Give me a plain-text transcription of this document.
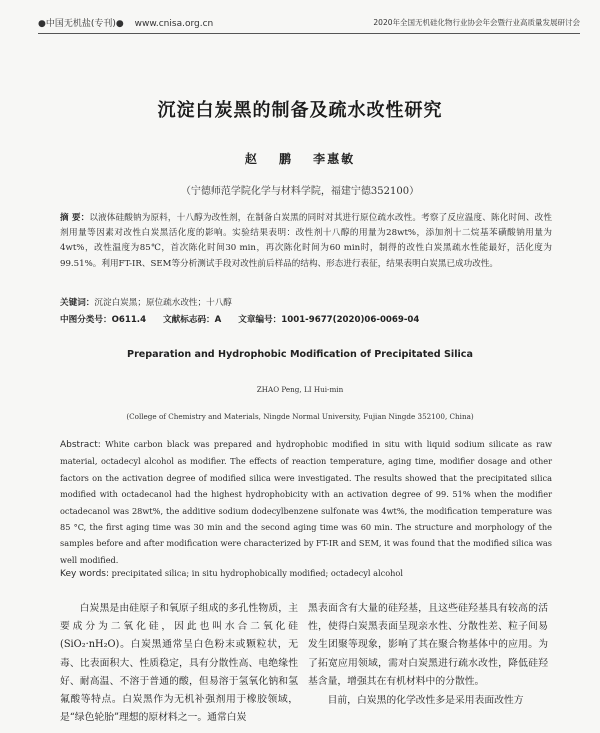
●中国无机盐(专刊)● www.cnisa.org.cn	2020年全国无机硅化物行业协会年会暨行业高质量发展研讨会
沉淀白炭黑的制备及疏水改性研究
赵 鹏 李惠敏
（宁德师范学院化学与材料学院，福建宁德352100）
摘 要：以液体硅酸钠为原料，十八醇为改性剂，在制备白炭黑的同时对其进行原位疏水改性。考察了反应温度、陈化时间、改性剂用量等因素对改性白炭黑活化度的影响。实验结果表明：改性剂十八醇的用量为28wt%，添加剂十二烷基苯磺酸钠用量为4wt%，改性温度为85℃，首次陈化时间30 min，再次陈化时间为60 min时，制得的改性白炭黑疏水性能最好，活化度为99.51%。利用FT-IR、SEM等分析测试手段对改性前后样品的结构、形态进行表征，结果表明白炭黑已成功改性。
关键词：沉淀白炭黑；原位疏水改性；十八醇
中图分类号：O611.4 文献标志码：A 文章编号：1001-9677(2020)06-0069-04
Preparation and Hydrophobic Modification of Precipitated Silica
ZHAO Peng, LI Hui-min
(College of Chemistry and Materials, Ningde Normal University, Fujian Ningde 352100, China)
Abstract: White carbon black was prepared and hydrophobic modified in situ with liquid sodium silicate as raw material, octadecyl alcohol as modifier. The effects of reaction temperature, aging time, modifier dosage and other factors on the activation degree of modified silica were investigated. The results showed that the precipitated silica modified with octadecanol had the highest hydrophobicity with an activation degree of 99. 51% when the modifier octadecanol was 28wt%, the additive sodium dodecylbenzene sulfonate was 4wt%, the modification temperature was 85 °C, the first aging time was 30 min and the second aging time was 60 min. The structure and morphology of the samples before and after modification were characterized by FT-IR and SEM, it was found that the modified silica was well modified.
Key words: precipitated silica; in situ hydrophobically modified; octadecyl alcohol

白炭黑是由硅原子和氧原子组成的多孔性物质，主要成分为二氧化硅，因此也叫水合二氧化硅(SiO₂·nH₂O)。白炭黑通常呈白色粉末或颗粒状，无毒、比表面积大、性质稳定，具有分散性高、电绝缘性好、耐高温、不溶于普通的酸，但易溶于氢氧化钠和氢氟酸等特点。白炭黑作为无机补强剂用于橡胶领域，是“绿色轮胎”理想的原材料之一。通常白炭

黑表面含有大量的硅羟基，且这些硅羟基具有较高的活性，使得白炭黑表面呈现亲水性、分散性差、粒子间易发生团聚等现象，影响了其在聚合物基体中的应用。为了拓宽应用领域，需对白炭黑进行疏水改性，降低硅羟基含量，增强其在有机材料中的分散性。

目前，白炭黑的化学改性多是采用表面改性方
